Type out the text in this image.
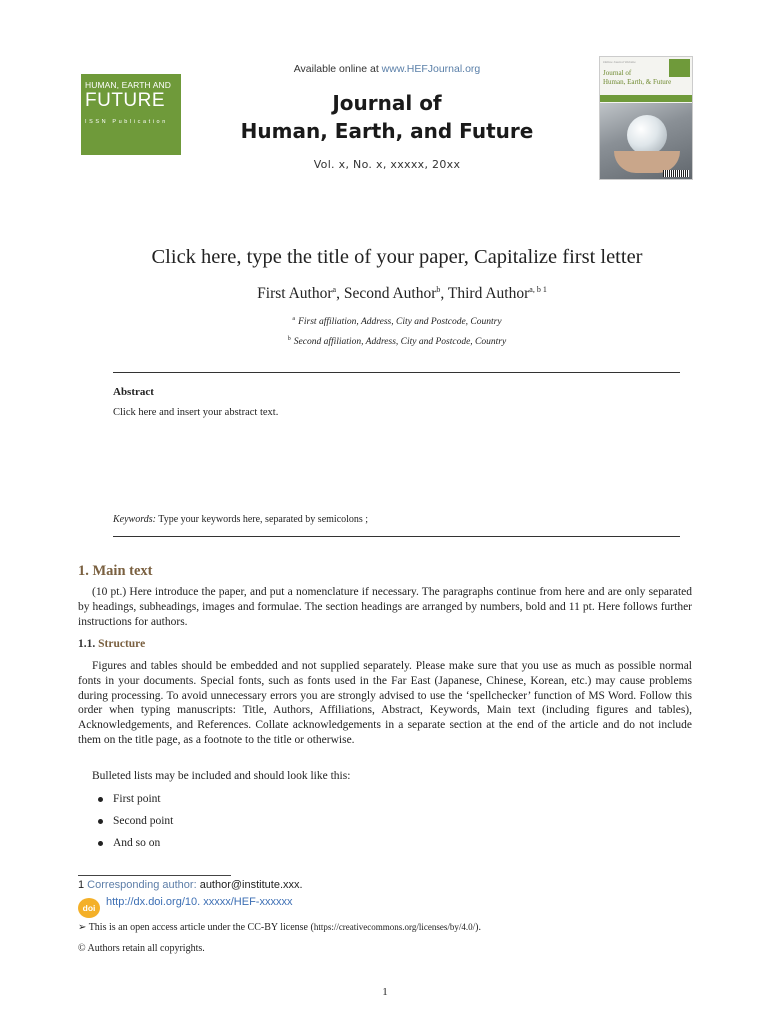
HUMAN, EARTH AND
FUTURE
ISSN Publication
Available online at www.HEFJournal.org
Journal of
Human, Earth, and Future
Vol. x, No. x, xxxxx, 20xx
Online Journal Website
Journal of
Human, Earth, & Future
Click here, type the title of your paper, Capitalize first letter
First Author$^a$, Second Author$^b$, Third Author$^{a, b 1}$
$^a$ First affiliation, Address, City and Postcode, Country
$^b$ Second affiliation, Address, City and Postcode, Country
Abstract
Click here and insert your abstract text.
Keywords: Type your keywords here, separated by semicolons ;
1. Main text
(10 pt.) Here introduce the paper, and put a nomenclature if necessary. The paragraphs continue from here and are only separated by headings, subheadings, images and formulae. The section headings are arranged by numbers, bold and 11 pt. Here follows further instructions for authors.
1.1. Structure
Figures and tables should be embedded and not supplied separately. Please make sure that you use as much as possible normal fonts in your documents. Special fonts, such as fonts used in the Far East (Japanese, Chinese, Korean, etc.) may cause problems during processing. To avoid unnecessary errors you are strongly advised to use the ‘spellchecker’ function of MS Word. Follow this order when typing manuscripts: Title, Authors, Affiliations, Abstract, Keywords, Main text (including figures and tables), Acknowledgements, and References. Collate acknowledgements in a separate section at the end of the article and do not include them on the title page, as a footnote to the title or otherwise.
Bulleted lists may be included and should look like this:
First point
Second point
And so on
1 Corresponding author: author@institute.xxx.
doi http://dx.doi.org/10. xxxxx/HEF-xxxxxx
➢ This is an open access article under the CC-BY license (https://creativecommons.org/licenses/by/4.0/).
© Authors retain all copyrights.
1
